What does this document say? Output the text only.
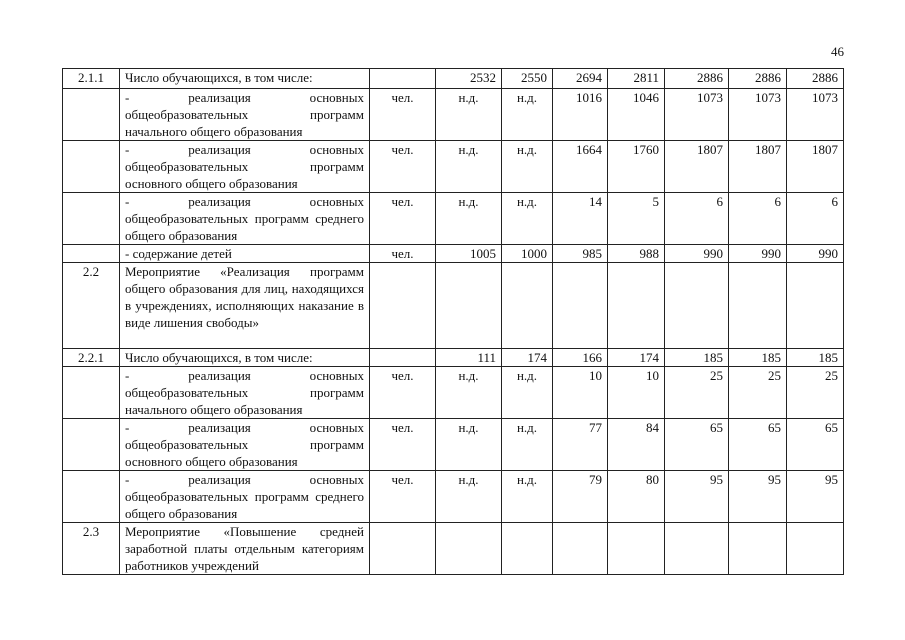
46
2.1.1	Число обучающихся, в том числе:		2532	2550	2694	2811	2886	2886	2886
	- реализация основных общеобразовательных программ начального общего образования	чел.	н.д.	н.д.	1016	1046	1073	1073	1073
	- реализация основных общеобразовательных программ основного общего образования	чел.	н.д.	н.д.	1664	1760	1807	1807	1807
	- реализация основных общеобразовательных программ среднего общего образования	чел.	н.д.	н.д.	14	5	6	6	6
	- содержание детей	чел.	1005	1000	985	988	990	990	990
2.2	Мероприятие «Реализация программ общего образования для лиц, находящихся в учреждениях, исполняющих наказание в виде лишения свободы»								
2.2.1	Число обучающихся, в том числе:		111	174	166	174	185	185	185
	- реализация основных общеобразовательных программ начального общего образования	чел.	н.д.	н.д.	10	10	25	25	25
	- реализация основных общеобразовательных программ основного общего образования	чел.	н.д.	н.д.	77	84	65	65	65
	- реализация основных общеобразовательных программ среднего общего образования	чел.	н.д.	н.д.	79	80	95	95	95
2.3	Мероприятие «Повышение средней заработной платы отдельным категориям работников учреждений								
